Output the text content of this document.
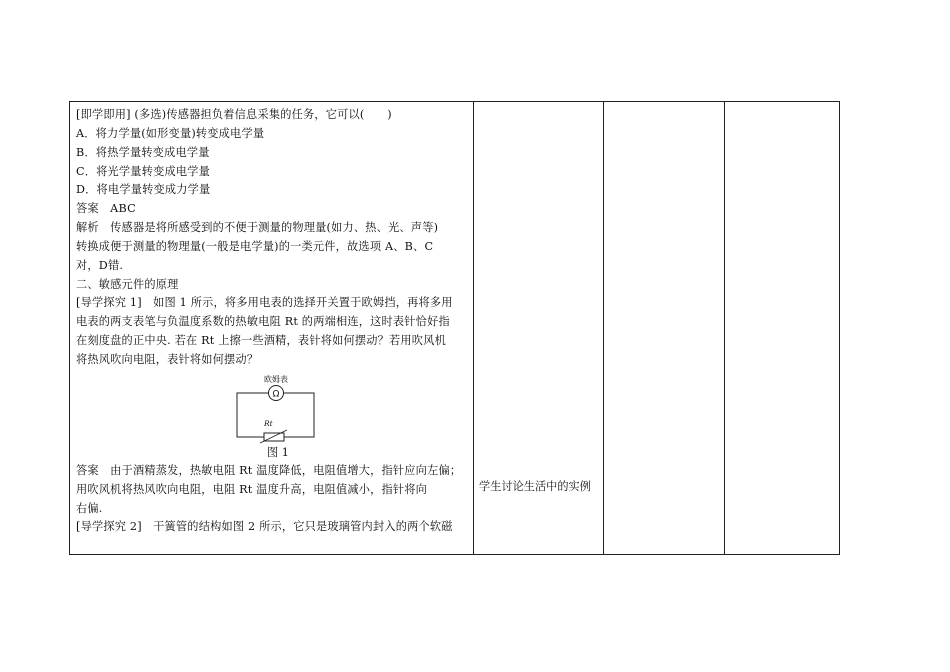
[即学即用] (多选)传感器担负着信息采集的任务，它可以(　　)
A．将力学量(如形变量)转变成电学量
B．将热学量转变成电学量
C．将光学量转变成电学量
D．将电学量转变成力学量
答案　ABC
解析　传感器是将所感受到的不便于测量的物理量(如力、热、光、声等)
转换成便于测量的物理量(一般是电学量)的一类元件，故选项 A、B、C
对，D错.
二、敏感元件的原理
[导学探究 1]　如图 1 所示，将多用电表的选择开关置于欧姆挡，再将多用
电表的两支表笔与负温度系数的热敏电阻 Rt 的两端相连，这时表针恰好指
在刻度盘的正中央. 若在 Rt 上擦一些酒精，表针将如何摆动？若用吹风机
将热风吹向电阻，表针将如何摆动？
欧姆表
Ω
Rt
图 1
答案　由于酒精蒸发，热敏电阻 Rt 温度降低，电阻值增大，指针应向左偏；
用吹风机将热风吹向电阻，电阻 Rt 温度升高，电阻值减小，指针将向
右偏.
[导学探究 2]　干簧管的结构如图 2 所示，它只是玻璃管内封入的两个软磁
学生讨论生活中的实例
